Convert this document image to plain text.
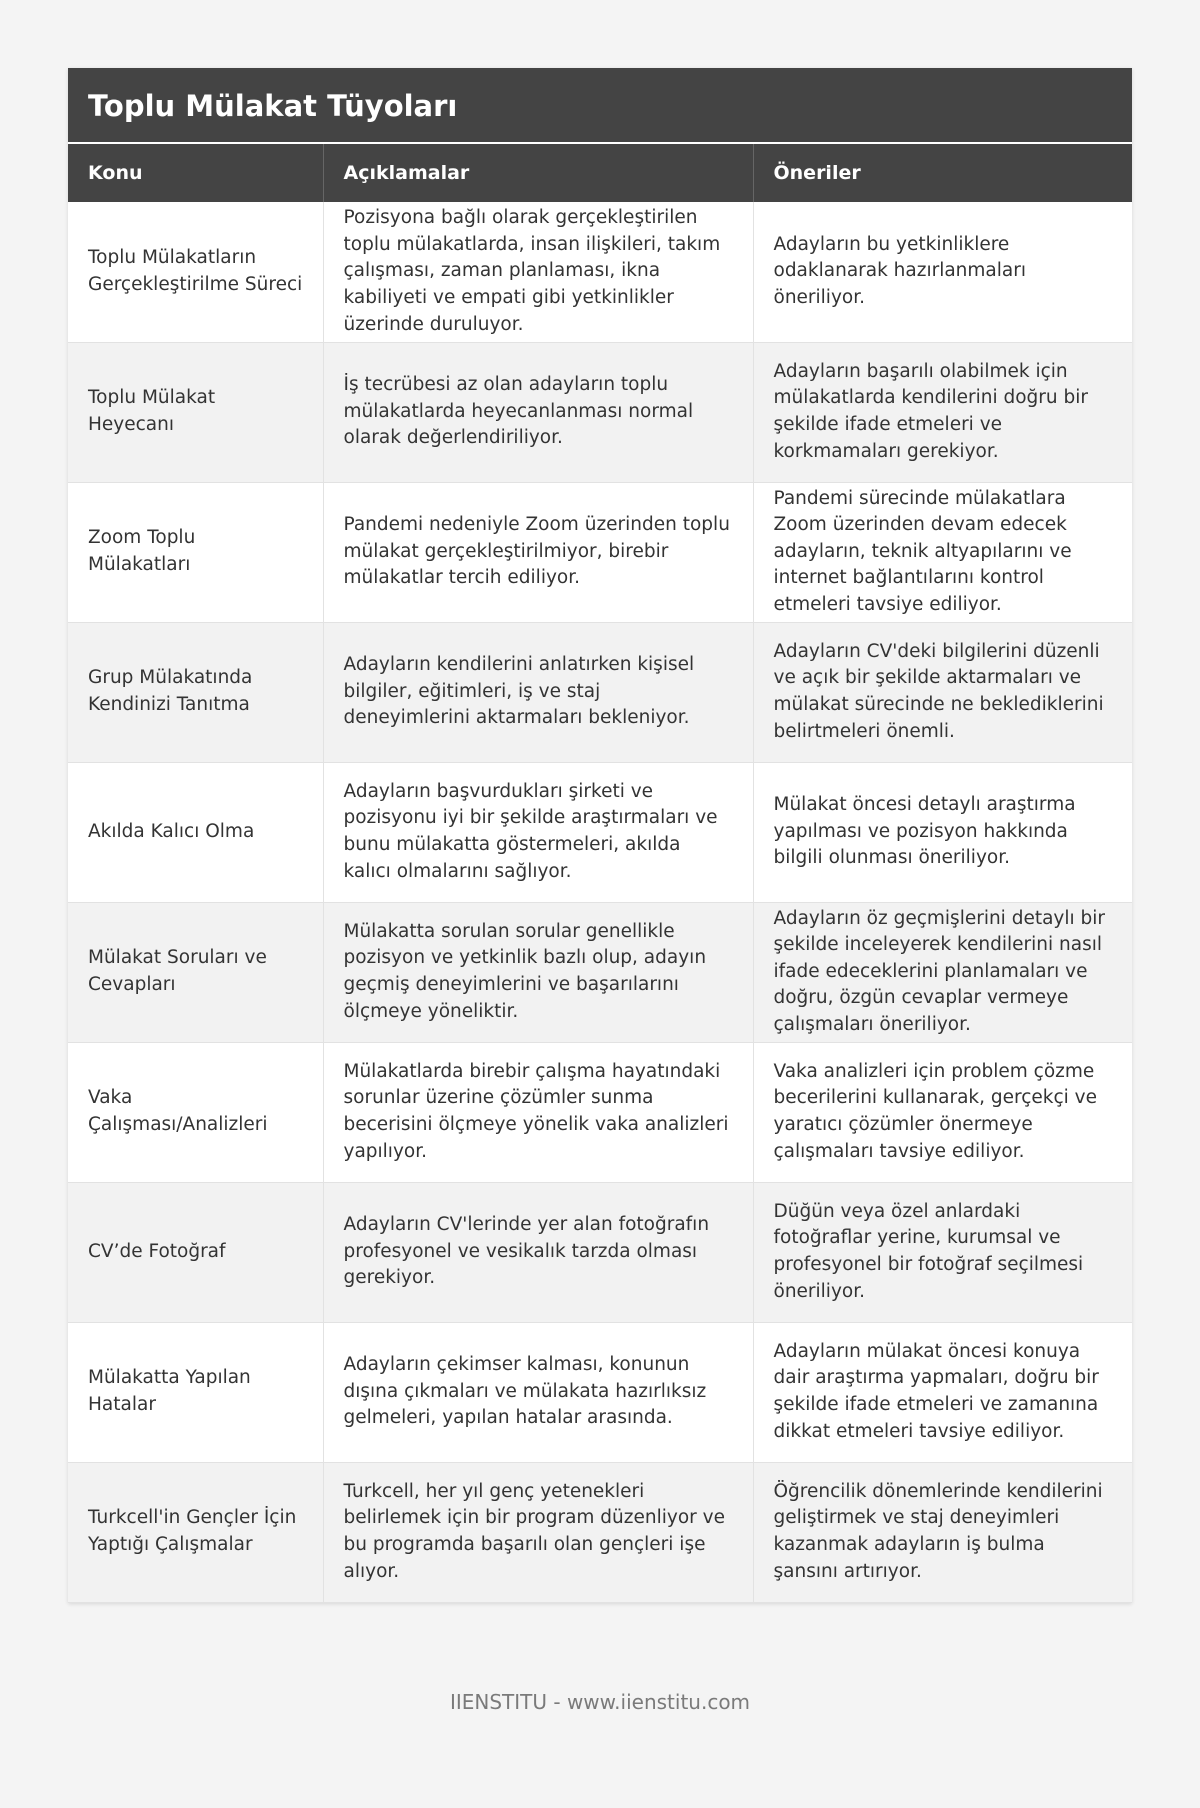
Toplu Mülakat Tüyoları
Konu	Açıklamalar	Öneriler
Toplu Mülakatların Gerçekleştirilme Süreci	Pozisyona bağlı olarak gerçekleştirilen toplu mülakatlarda, insan ilişkileri, takım çalışması, zaman planlaması, ikna kabiliyeti ve empati gibi yetkinlikler üzerinde duruluyor.	Adayların bu yetkinliklere odaklanarak hazırlanmaları öneriliyor.
Toplu Mülakat Heyecanı	İş tecrübesi az olan adayların toplu mülakatlarda heyecanlanması normal olarak değerlendiriliyor.	Adayların başarılı olabilmek için mülakatlarda kendilerini doğru bir şekilde ifade etmeleri ve korkmamaları gerekiyor.
Zoom Toplu Mülakatları	Pandemi nedeniyle Zoom üzerinden toplu mülakat gerçekleştirilmiyor, birebir mülakatlar tercih ediliyor.	Pandemi sürecinde mülakatlara Zoom üzerinden devam edecek adayların, teknik altyapılarını ve internet bağlantılarını kontrol etmeleri tavsiye ediliyor.
Grup Mülakatında Kendinizi Tanıtma	Adayların kendilerini anlatırken kişisel bilgiler, eğitimleri, iş ve staj deneyimlerini aktarmaları bekleniyor.	Adayların CV'deki bilgilerini düzenli ve açık bir şekilde aktarmaları ve mülakat sürecinde ne beklediklerini belirtmeleri önemli.
Akılda Kalıcı Olma	Adayların başvurdukları şirketi ve pozisyonu iyi bir şekilde araştırmaları ve bunu mülakatta göstermeleri, akılda kalıcı olmalarını sağlıyor.	Mülakat öncesi detaylı araştırma yapılması ve pozisyon hakkında bilgili olunması öneriliyor.
Mülakat Soruları ve Cevapları	Mülakatta sorulan sorular genellikle pozisyon ve yetkinlik bazlı olup, adayın geçmiş deneyimlerini ve başarılarını ölçmeye yöneliktir.	Adayların öz geçmişlerini detaylı bir şekilde inceleyerek kendilerini nasıl ifade edeceklerini planlamaları ve doğru, özgün cevaplar vermeye çalışmaları öneriliyor.
Vaka Çalışması/Analizleri	Mülakatlarda birebir çalışma hayatındaki sorunlar üzerine çözümler sunma becerisini ölçmeye yönelik vaka analizleri yapılıyor.	Vaka analizleri için problem çözme becerilerini kullanarak, gerçekçi ve yaratıcı çözümler önermeye çalışmaları tavsiye ediliyor.
CV’de Fotoğraf	Adayların CV'lerinde yer alan fotoğrafın profesyonel ve vesikalık tarzda olması gerekiyor.	Düğün veya özel anlardaki fotoğraflar yerine, kurumsal ve profesyonel bir fotoğraf seçilmesi öneriliyor.
Mülakatta Yapılan Hatalar	Adayların çekimser kalması, konunun dışına çıkmaları ve mülakata hazırlıksız gelmeleri, yapılan hatalar arasında.	Adayların mülakat öncesi konuya dair araştırma yapmaları, doğru bir şekilde ifade etmeleri ve zamanına dikkat etmeleri tavsiye ediliyor.
Turkcell'in Gençler İçin Yaptığı Çalışmalar	Turkcell, her yıl genç yetenekleri belirlemek için bir program düzenliyor ve bu programda başarılı olan gençleri işe alıyor.	Öğrencilik dönemlerinde kendilerini geliştirmek ve staj deneyimleri kazanmak adayların iş bulma şansını artırıyor.
IIENSTITU - www.iienstitu.com
